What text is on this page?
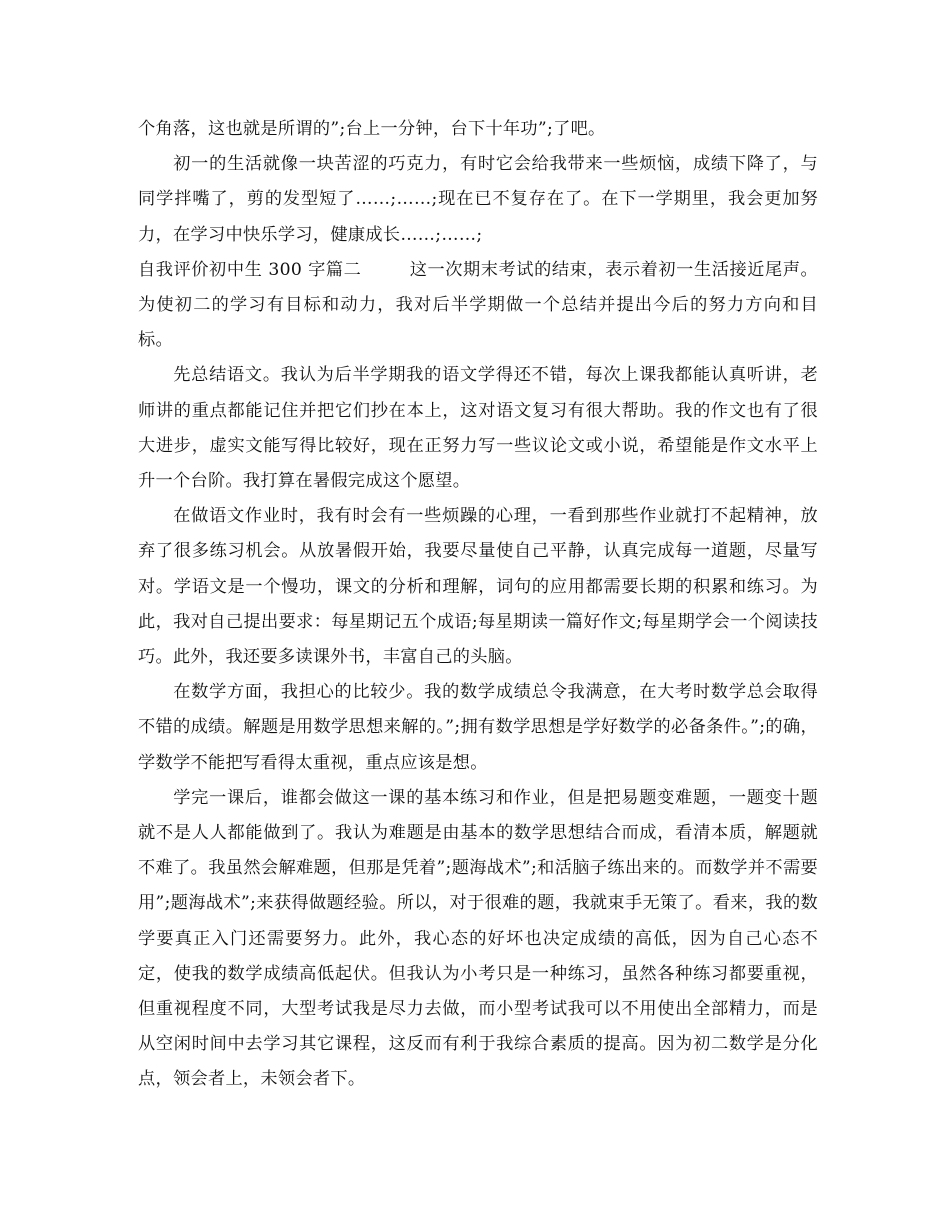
个角落，这也就是所谓的”;台上一分钟，台下十年功”;了吧。

初一的生活就像一块苦涩的巧克力，有时它会给我带来一些烦恼，成绩下降了，与同学拌嘴了，剪的发型短了……;……;现在已不复存在了。在下一学期里，我会更加努力，在学习中快乐学习，健康成长……;……;

自我评价初中生 300 字篇二	这一次期末考试的结束，表示着初一生活接近尾声。为使初二的学习有目标和动力，我对后半学期做一个总结并提出今后的努力方向和目标。

先总结语文。我认为后半学期我的语文学得还不错，每次上课我都能认真听讲，老师讲的重点都能记住并把它们抄在本上，这对语文复习有很大帮助。我的作文也有了很大进步，虚实文能写得比较好，现在正努力写一些议论文或小说，希望能是作文水平上升一个台阶。我打算在暑假完成这个愿望。

在做语文作业时，我有时会有一些烦躁的心理，一看到那些作业就打不起精神，放弃了很多练习机会。从放暑假开始，我要尽量使自己平静，认真完成每一道题，尽量写对。学语文是一个慢功，课文的分析和理解，词句的应用都需要长期的积累和练习。为此，我对自己提出要求：每星期记五个成语;每星期读一篇好作文;每星期学会一个阅读技巧。此外，我还要多读课外书，丰富自己的头脑。

在数学方面，我担心的比较少。我的数学成绩总令我满意，在大考时数学总会取得不错的成绩。解题是用数学思想来解的。”;拥有数学思想是学好数学的必备条件。”;的确，学数学不能把写看得太重视，重点应该是想。

学完一课后，谁都会做这一课的基本练习和作业，但是把易题变难题，一题变十题就不是人人都能做到了。我认为难题是由基本的数学思想结合而成，看清本质，解题就不难了。我虽然会解难题，但那是凭着”;题海战术”;和活脑子练出来的。而数学并不需要用”;题海战术”;来获得做题经验。所以，对于很难的题，我就束手无策了。看来，我的数学要真正入门还需要努力。此外，我心态的好坏也决定成绩的高低，因为自己心态不定，使我的数学成绩高低起伏。但我认为小考只是一种练习，虽然各种练习都要重视，但重视程度不同，大型考试我是尽力去做，而小型考试我可以不用使出全部精力，而是从空闲时间中去学习其它课程，这反而有利于我综合素质的提高。因为初二数学是分化点，领会者上，未领会者下。
